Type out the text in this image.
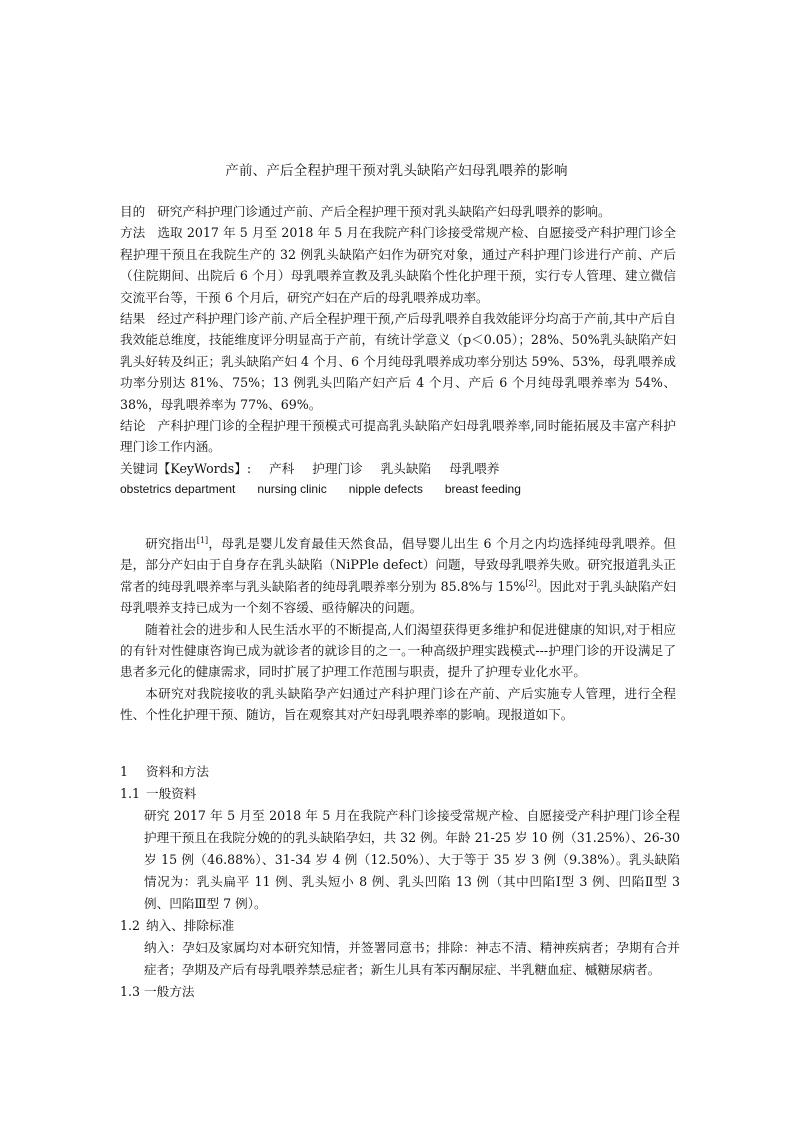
产前、产后全程护理干预对乳头缺陷产妇母乳喂养的影响

目的 研究产科护理门诊通过产前、产后全程护理干预对乳头缺陷产妇母乳喂养的影响。

方法 选取 2017 年 5 月至 2018 年 5 月在我院产科门诊接受常规产检、自愿接受产科护理门诊全程护理干预且在我院生产的 32 例乳头缺陷产妇作为研究对象，通过产科护理门诊进行产前、产后（住院期间、出院后 6 个月）母乳喂养宣教及乳头缺陷个性化护理干预，实行专人管理、建立微信交流平台等，干预 6 个月后，研究产妇在产后的母乳喂养成功率。

结果 经过产科护理门诊产前､产后全程护理干预,产后母乳喂养自我效能评分均高于产前,其中产后自我效能总维度，技能维度评分明显高于产前，有统计学意义（p＜0.05）；28%、50%乳头缺陷产妇乳头好转及纠正；乳头缺陷产妇 4 个月、6 个月纯母乳喂养成功率分别达 59%、53%，母乳喂养成功率分别达 81%、75%；13 例乳头凹陷产妇产后 4 个月、产后 6 个月纯母乳喂养率为 54%、38%，母乳喂养率为 77%、69%。

结论 产科护理门诊的全程护理干预模式可提高乳头缺陷产妇母乳喂养率,同时能拓展及丰富产科护理门诊工作内涵。

关键词【KeyWords】: 产科 护理门诊 乳头缺陷 母乳喂养

obstetrics department nursing clinic nipple defects breast feeding

研究指出[1]，母乳是婴儿发育最佳天然食品，倡导婴儿出生 6 个月之内均选择纯母乳喂养。但是，部分产妇由于自身存在乳头缺陷（NiPPle defect）问题，导致母乳喂养失败。研究报道乳头正常者的纯母乳喂养率与乳头缺陷者的纯母乳喂养率分别为 85.8%与 15%[2]。因此对于乳头缺陷产妇母乳喂养支持已成为一个刻不容缓、亟待解决的问题。

随着社会的进步和人民生活水平的不断提高,人们渴望获得更多维护和促进健康的知识,对于相应的有针对性健康咨询已成为就诊者的就诊目的之一｡一种高级护理实践模式---护理门诊的开设满足了患者多元化的健康需求，同时扩展了护理工作范围与职责，提升了护理专业化水平。

本研究对我院接收的乳头缺陷孕产妇通过产科护理门诊在产前、产后实施专人管理，进行全程性、个性化护理干预、随访，旨在观察其对产妇母乳喂养率的影响。现报道如下。

1 资料和方法
1.1 一般资料
研究 2017 年 5 月至 2018 年 5 月在我院产科门诊接受常规产检、自愿接受产科护理门诊全程护理干预且在我院分娩的的乳头缺陷孕妇，共 32 例。年龄 21-25 岁 10 例（31.25%）、26-30 岁 15 例（46.88%）、31-34 岁 4 例（12.50%）、大于等于 35 岁 3 例（9.38%）。乳头缺陷情况为：乳头扁平 11 例、乳头短小 8 例、乳头凹陷 13 例（其中凹陷Ⅰ型 3 例、凹陷Ⅱ型 3 例、凹陷Ⅲ型 7 例）。
1.2 纳入、排除标准
纳入：孕妇及家属均对本研究知情，并签署同意书；排除：神志不清、精神疾病者；孕期有合并症者；孕期及产后有母乳喂养禁忌症者；新生儿具有苯丙酮尿症、半乳糖血症、槭糖尿病者。
1.3 一般方法
